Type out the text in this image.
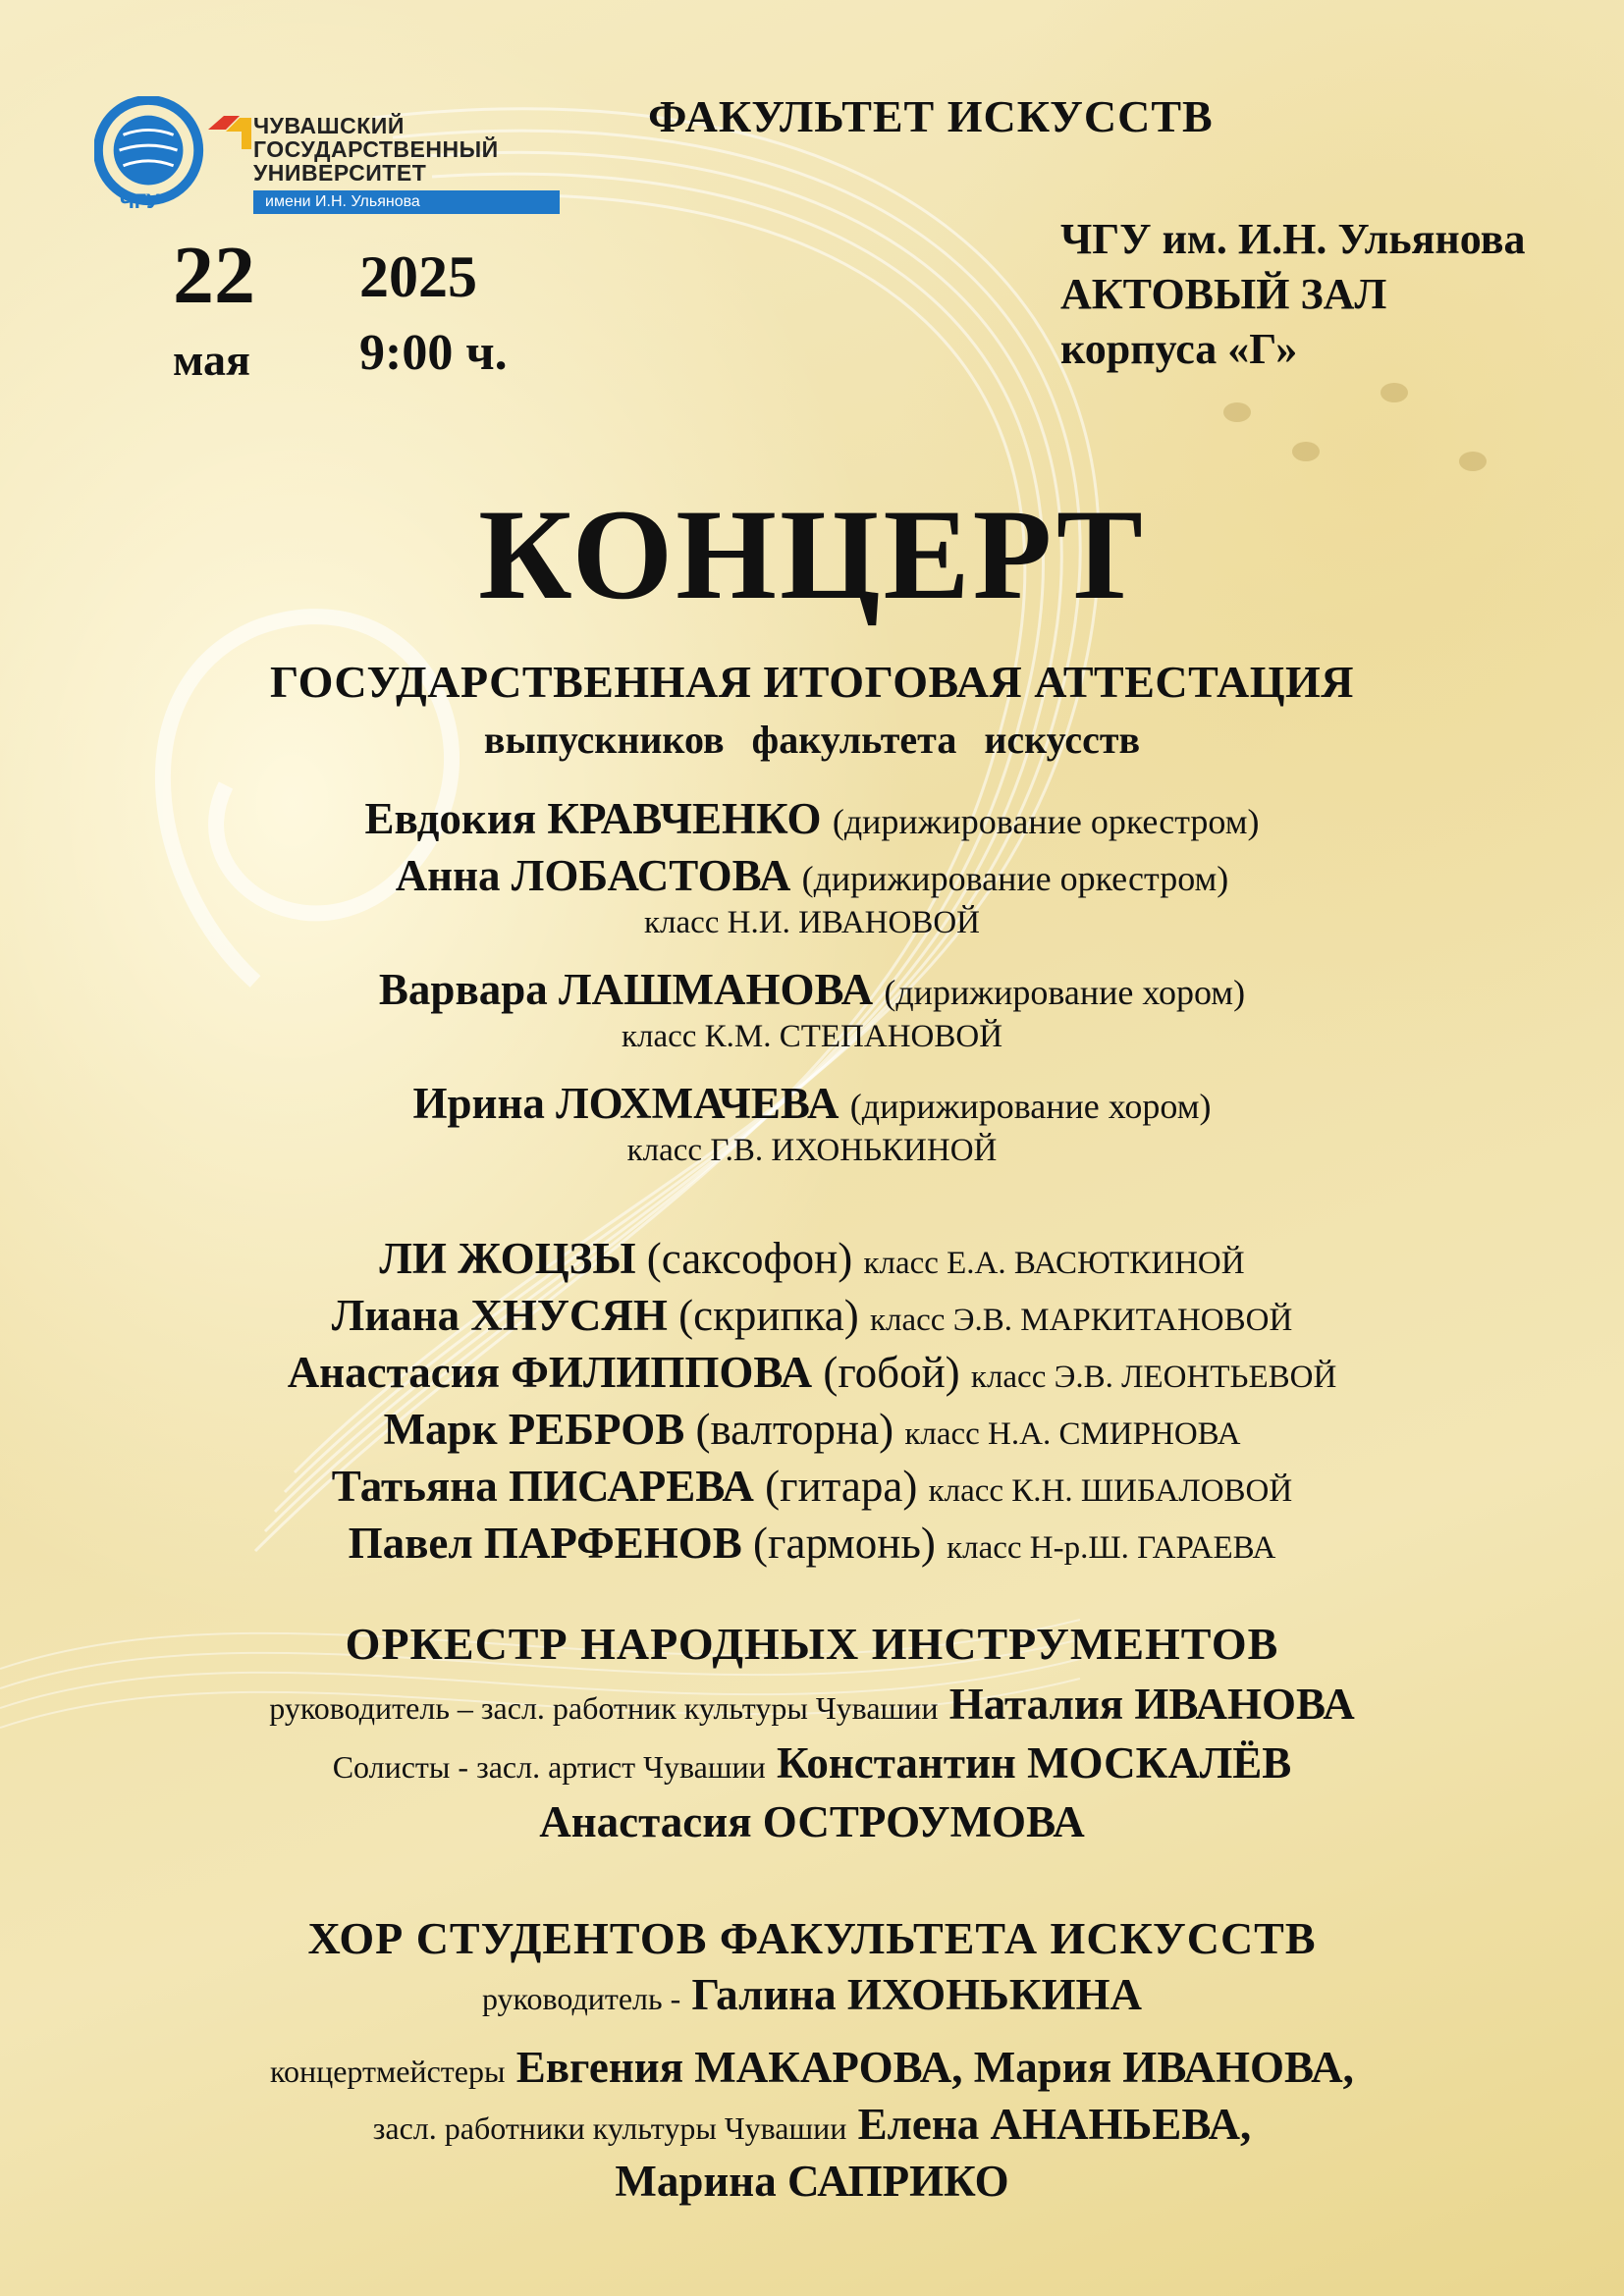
ЧГУ
ЧУВАШСКИЙ
ГОСУДАРСТВЕННЫЙ
УНИВЕРСИТЕТ
имени И.Н. Ульянова
ФАКУЛЬТЕТ ИСКУССТВ
22
мая
2025
9:00 ч.
ЧГУ им. И.Н. Ульянова
АКТОВЫЙ ЗАЛ
корпуса «Г»
КОНЦЕРТ
ГОСУДАРСТВЕННАЯ ИТОГОВАЯ АТТЕСТАЦИЯ
выпускников факультета искусств
Евдокия КРАВЧЕНКО (дирижирование оркестром)
Анна ЛОБАСТОВА (дирижирование оркестром)
класс Н.И. ИВАНОВОЙ
Варвара ЛАШМАНОВА (дирижирование хором)
класс К.М. СТЕПАНОВОЙ
Ирина ЛОХМАЧЕВА (дирижирование хором)
класс Г.В. ИХОНЬКИНОЙ
ЛИ ЖОЦЗЫ (саксофон) класс Е.А. ВАСЮТКИНОЙ
Лиана ХНУСЯН (скрипка) класс Э.В. МАРКИТАНОВОЙ
Анастасия ФИЛИППОВА (гобой) класс Э.В. ЛЕОНТЬЕВОЙ
Марк РЕБРОВ (валторна) класс Н.А. СМИРНОВА
Татьяна ПИСАРЕВА (гитара) класс К.Н. ШИБАЛОВОЙ
Павел ПАРФЕНОВ (гармонь) класс Н-р.Ш. ГАРАЕВА
ОРКЕСТР НАРОДНЫХ ИНСТРУМЕНТОВ
руководитель – засл. работник культуры Чувашии Наталия ИВАНОВА
Солисты - засл. артист Чувашии Константин МОСКАЛЁВ
Анастасия ОСТРОУМОВА
ХОР СТУДЕНТОВ ФАКУЛЬТЕТА ИСКУССТВ
руководитель - Галина ИХОНЬКИНА
концертмейстеры Евгения МАКАРОВА, Мария ИВАНОВА,
засл. работники культуры Чувашии Елена АНАНЬЕВА,
Марина САПРИКО
